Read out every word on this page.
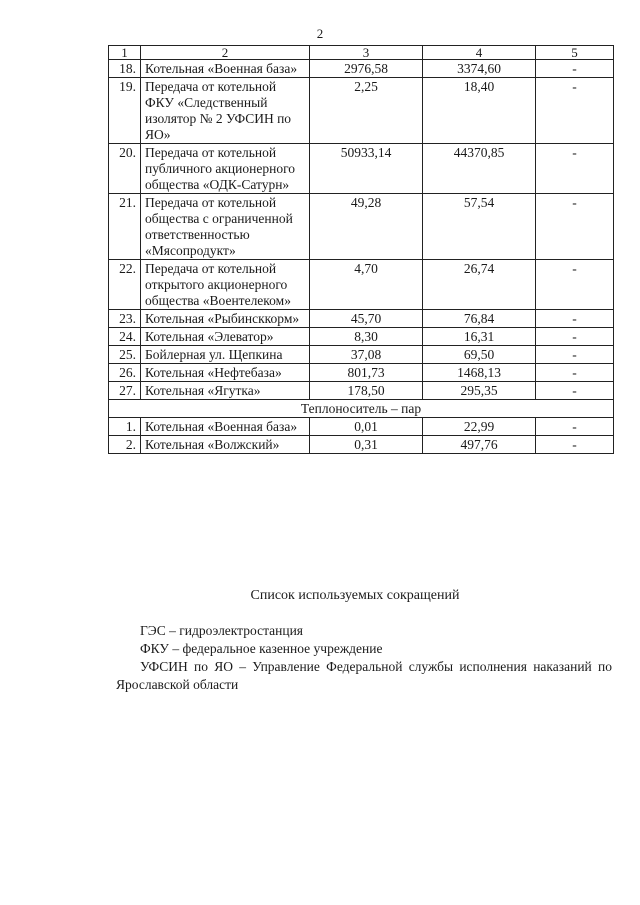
2
1	2	3	4	5
18.	Котельная «Военная база»	2976,58	3374,60	-
19.	Передача от котельной ФКУ «Следственный изолятор № 2 УФСИН по ЯО»	2,25	18,40	-
20.	Передача от котельной публичного акционерного общества «ОДК-Сатурн»	50933,14	44370,85	-
21.	Передача от котельной общества с ограниченной ответственностью «Мясопродукт»	49,28	57,54	-
22.	Передача от котельной открытого акционерного общества «Воентелеком»	4,70	26,74	-
23.	Котельная «Рыбинсккорм»	45,70	76,84	-
24.	Котельная «Элеватор»	8,30	16,31	-
25.	Бойлерная ул. Щепкина	37,08	69,50	-
26.	Котельная «Нефтебаза»	801,73	1468,13	-
27.	Котельная «Ягутка»	178,50	295,35	-
Теплоноситель – пар				
1.	Котельная «Военная база»	0,01	22,99	-
2.	Котельная «Волжский»	0,31	497,76	-
Список используемых сокращений
ГЭС – гидроэлектростанция
ФКУ – федеральное казенное учреждение
УФСИН по ЯО – Управление Федеральной службы исполнения наказаний по Ярославской области
